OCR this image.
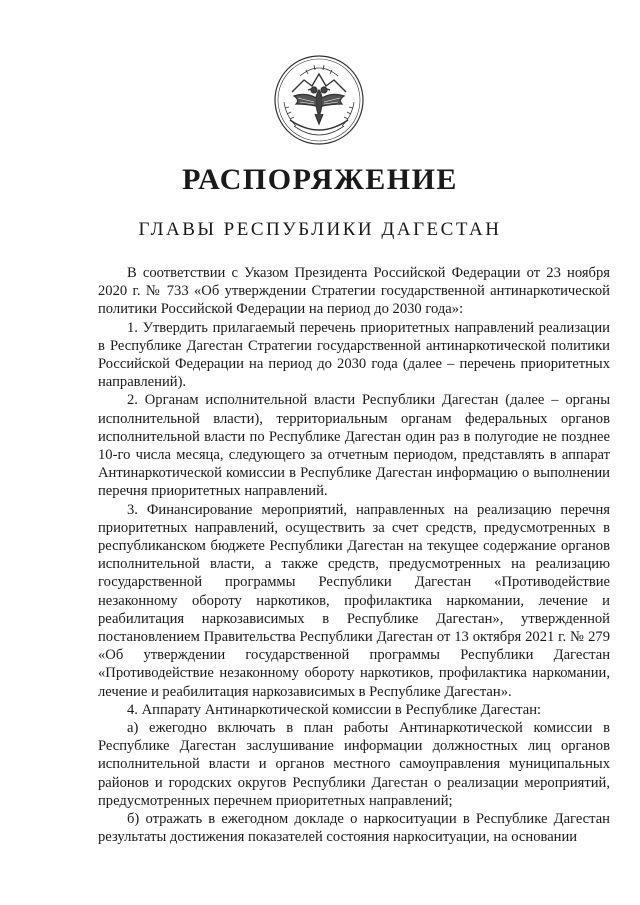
РАСПОРЯЖЕНИЕ
ГЛАВЫ РЕСПУБЛИКИ ДАГЕСТАН

В соответствии с Указом Президента Российской Федерации от 23 ноября 2020 г. № 733 «Об утверждении Стратегии государственной антинаркотической политики Российской Федерации на период до 2030 года»:

1. Утвердить прилагаемый перечень приоритетных направлений реализации в Республике Дагестан Стратегии государственной антинаркотической политики Российской Федерации на период до 2030 года (далее – перечень приоритетных направлений).

2. Органам исполнительной власти Республики Дагестан (далее – органы исполнительной власти), территориальным органам федеральных органов исполнительной власти по Республике Дагестан один раз в полугодие не позднее 10-го числа месяца, следующего за отчетным периодом, представлять в аппарат Антинаркотической комиссии в Республике Дагестан информацию о выполнении перечня приоритетных направлений.

3. Финансирование мероприятий, направленных на реализацию перечня приоритетных направлений, осуществить за счет средств, предусмотренных в республиканском бюджете Республики Дагестан на текущее содержание органов исполнительной власти, а также средств, предусмотренных на реализацию государственной программы Республики Дагестан «Противодействие незаконному обороту наркотиков, профилактика наркомании, лечение и реабилитация наркозависимых в Республике Дагестан», утвержденной постановлением Правительства Республики Дагестан от 13 октября 2021 г. № 279 «Об утверждении государственной программы Республики Дагестан «Противодействие незаконному обороту наркотиков, профилактика наркомании, лечение и реабилитация наркозависимых в Республике Дагестан».

4. Аппарату Антинаркотической комиссии в Республике Дагестан:

а) ежегодно включать в план работы Антинаркотической комиссии в Республике Дагестан заслушивание информации должностных лиц органов исполнительной власти и органов местного самоуправления муниципальных районов и городских округов Республики Дагестан о реализации мероприятий, предусмотренных перечнем приоритетных направлений;

б) отражать в ежегодном докладе о наркоситуации в Республике Дагестан результаты достижения показателей состояния наркоситуации, на основании
